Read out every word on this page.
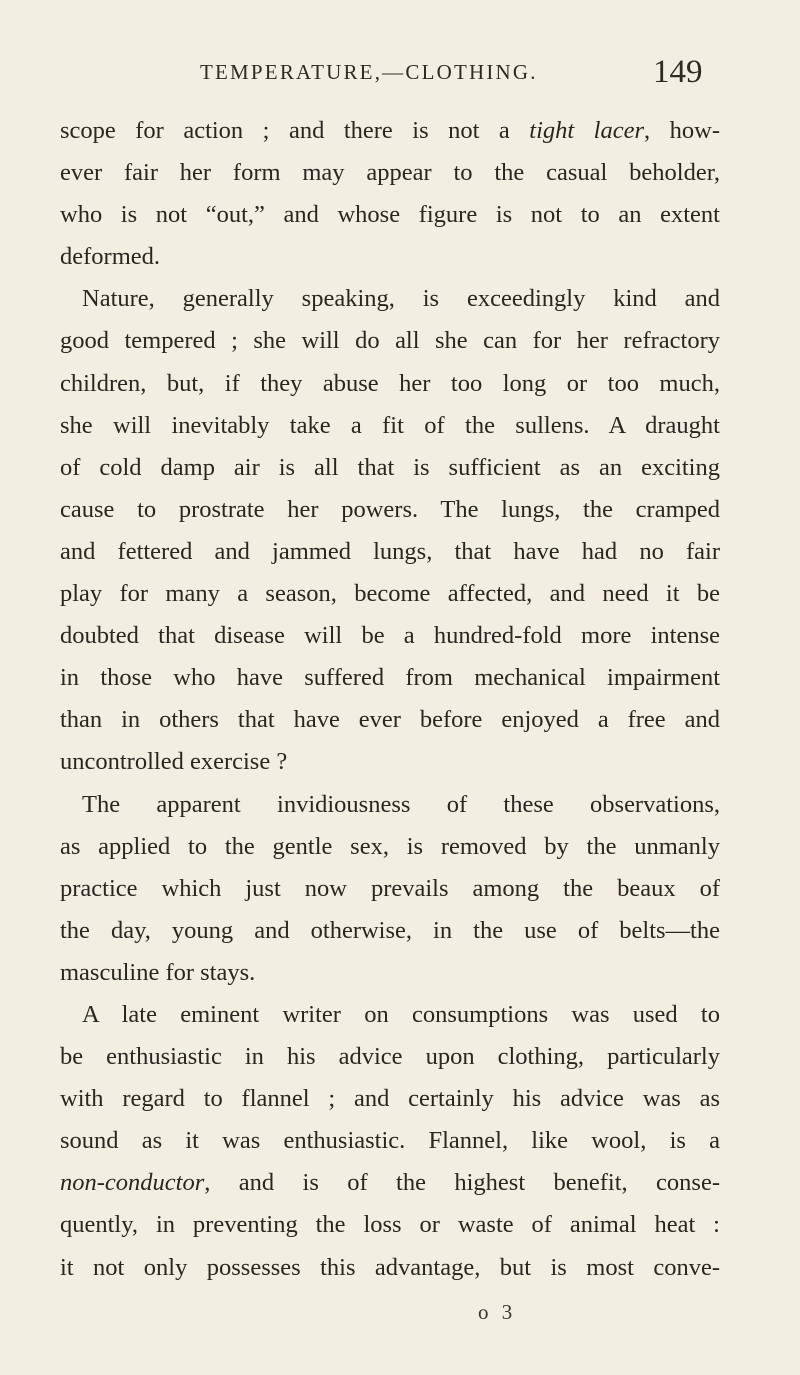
TEMPERATURE,—CLOTHING.	149
scope for action ; and there is not a tight lacer, how-
ever fair her form may appear to the casual beholder,
who is not “out,” and whose figure is not to an extent
deformed.
Nature, generally speaking, is exceedingly kind and
good tempered ; she will do all she can for her refractory
children, but, if they abuse her too long or too much,
she will inevitably take a fit of the sullens. A draught
of cold damp air is all that is sufficient as an exciting
cause to prostrate her powers. The lungs, the cramped
and fettered and jammed lungs, that have had no fair
play for many a season, become affected, and need it be
doubted that disease will be a hundred-fold more intense
in those who have suffered from mechanical impairment
than in others that have ever before enjoyed a free and
uncontrolled exercise ?
The apparent invidiousness of these observations,
as applied to the gentle sex, is removed by the unmanly
practice which just now prevails among the beaux of
the day, young and otherwise, in the use of belts—the
masculine for stays.
A late eminent writer on consumptions was used to
be enthusiastic in his advice upon clothing, particularly
with regard to flannel ; and certainly his advice was as
sound as it was enthusiastic. Flannel, like wool, is a
non-conductor, and is of the highest benefit, conse-
quently, in preventing the loss or waste of animal heat :
it not only possesses this advantage, but is most conve-
o 3
